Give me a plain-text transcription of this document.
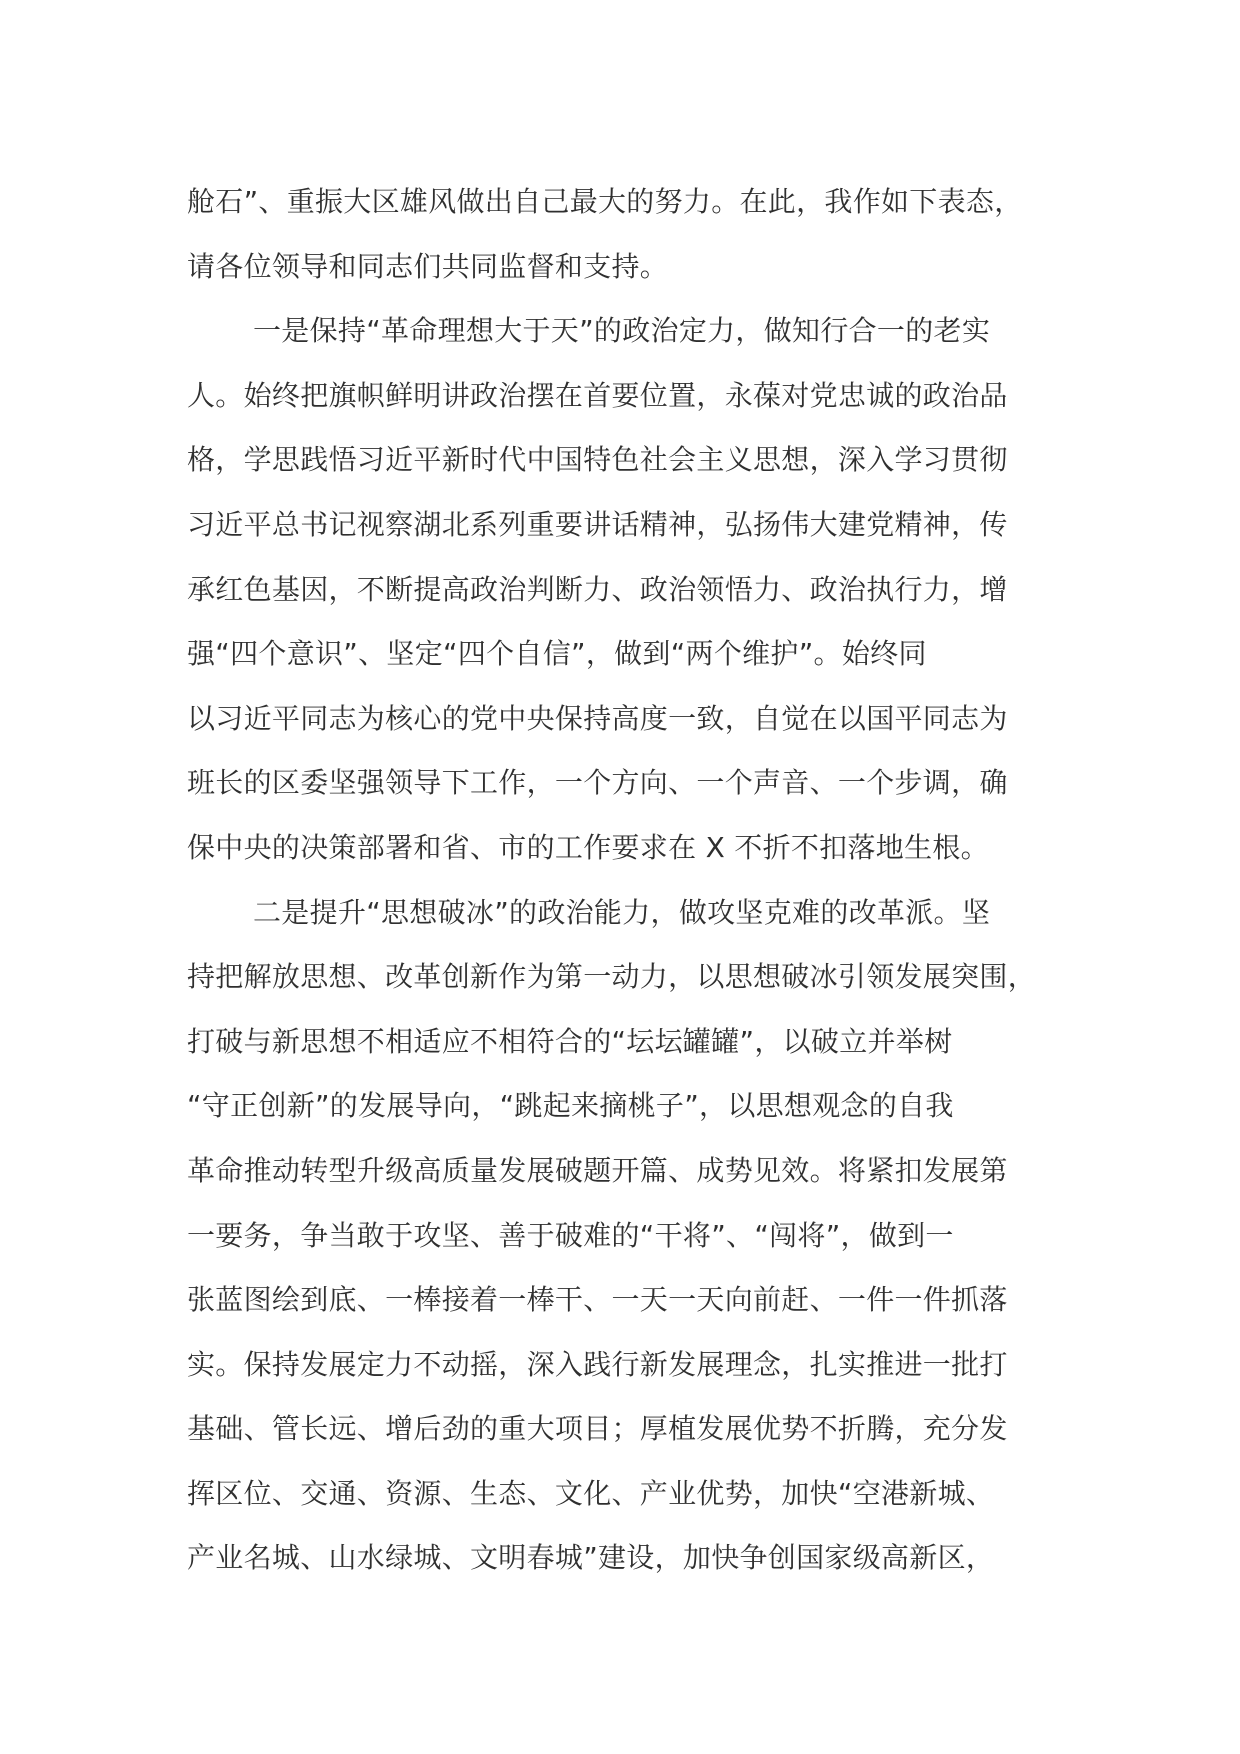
舱石”、重振大区雄风做出自己最大的努力。在此，我作如下表态，
请各位领导和同志们共同监督和支持。
一是保持“革命理想大于天”的政治定力，做知行合一的老实
人。始终把旗帜鲜明讲政治摆在首要位置，永葆对党忠诚的政治品
格，学思践悟习近平新时代中国特色社会主义思想，深入学习贯彻
习近平总书记视察湖北系列重要讲话精神，弘扬伟大建党精神，传
承红色基因，不断提高政治判断力、政治领悟力、政治执行力，增
强“四个意识”、坚定“四个自信”，做到“两个维护”。始终同
以习近平同志为核心的党中央保持高度一致，自觉在以国平同志为
班长的区委坚强领导下工作，一个方向、一个声音、一个步调，确
保中央的决策部署和省、市的工作要求在 X 不折不扣落地生根。
二是提升“思想破冰”的政治能力，做攻坚克难的改革派。坚
持把解放思想、改革创新作为第一动力，以思想破冰引领发展突围，
打破与新思想不相适应不相符合的“坛坛罐罐”，以破立并举树
“守正创新”的发展导向，“跳起来摘桃子”，以思想观念的自我
革命推动转型升级高质量发展破题开篇、成势见效。将紧扣发展第
一要务，争当敢于攻坚、善于破难的“干将”、“闯将”，做到一
张蓝图绘到底、一棒接着一棒干、一天一天向前赶、一件一件抓落
实。保持发展定力不动摇，深入践行新发展理念，扎实推进一批打
基础、管长远、增后劲的重大项目；厚植发展优势不折腾，充分发
挥区位、交通、资源、生态、文化、产业优势，加快“空港新城、
产业名城、山水绿城、文明春城”建设，加快争创国家级高新区，
